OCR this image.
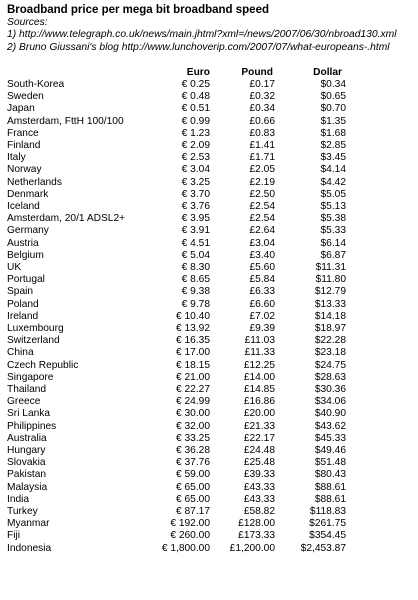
Broadband price per mega bit broadband speed
Sources:
1) http://www.telegraph.co.uk/news/main.jhtml?xml=/news/2007/06/30/nbroad130.xml
2) Bruno Giussani's blog http://www.lunchoverip.com/2007/07/what-europeans-.html
	Euro	Pound	Dollar
South-Korea	€ 0.25	£0.17	$0.34
Sweden	€ 0.48	£0.32	$0.65
Japan	€ 0.51	£0.34	$0.70
Amsterdam, FttH 100/100	€ 0.99	£0.66	$1.35
France	€ 1.23	£0.83	$1.68
Finland	€ 2.09	£1.41	$2.85
Italy	€ 2.53	£1.71	$3.45
Norway	€ 3.04	£2.05	$4.14
Netherlands	€ 3.25	£2.19	$4.42
Denmark	€ 3.70	£2.50	$5.05
Iceland	€ 3.76	£2.54	$5.13
Amsterdam, 20/1 ADSL2+	€ 3.95	£2.54	$5.38
Germany	€ 3.91	£2.64	$5.33
Austria	€ 4.51	£3.04	$6.14
Belgium	€ 5.04	£3.40	$6.87
UK	€ 8.30	£5.60	$11.31
Portugal	€ 8.65	£5.84	$11.80
Spain	€ 9.38	£6.33	$12.79
Poland	€ 9.78	£6.60	$13.33
Ireland	€ 10.40	£7.02	$14.18
Luxembourg	€ 13.92	£9.39	$18.97
Switzerland	€ 16.35	£11.03	$22.28
China	€ 17.00	£11.33	$23.18
Czech Republic	€ 18.15	£12.25	$24.75
Singapore	€ 21.00	£14.00	$28.63
Thailand	€ 22.27	£14.85	$30.36
Greece	€ 24.99	£16.86	$34.06
Sri Lanka	€ 30.00	£20.00	$40.90
Philippines	€ 32.00	£21.33	$43.62
Australia	€ 33.25	£22.17	$45.33
Hungary	€ 36.28	£24.48	$49.46
Slovakia	€ 37.76	£25.48	$51.48
Pakistan	€ 59.00	£39.33	$80.43
Malaysia	€ 65.00	£43.33	$88.61
India	€ 65.00	£43.33	$88.61
Turkey	€ 87.17	£58.82	$118.83
Myanmar	€ 192.00	£128.00	$261.75
Fiji	€ 260.00	£173.33	$354.45
Indonesia	€ 1,800.00	£1,200.00	$2,453.87
